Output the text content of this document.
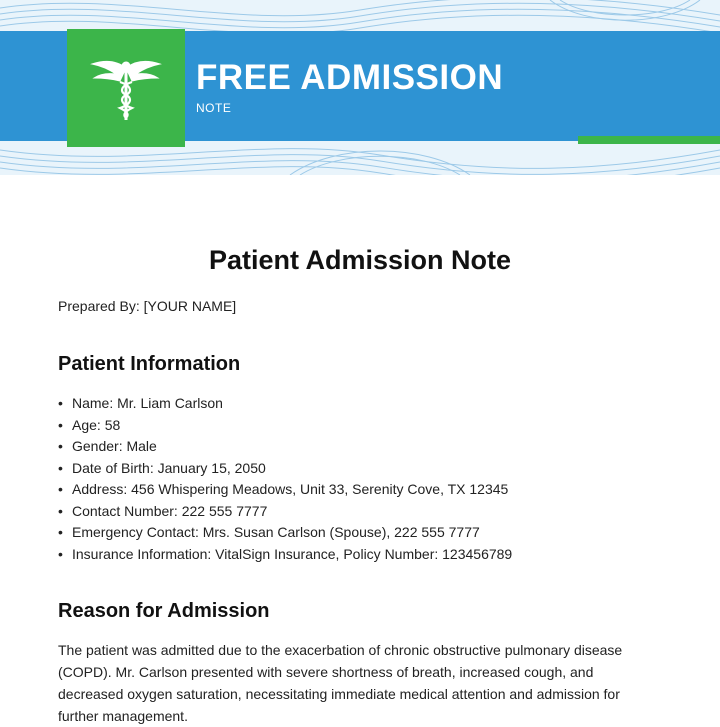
FREE ADMISSION
NOTE
Patient Admission Note
Prepared By: [YOUR NAME]
Patient Information
• Name: Mr. Liam Carlson
• Age: 58
• Gender: Male
• Date of Birth: January 15, 2050
• Address: 456 Whispering Meadows, Unit 33, Serenity Cove, TX 12345
• Contact Number: 222 555 7777
• Emergency Contact: Mrs. Susan Carlson (Spouse), 222 555 7777
• Insurance Information: VitalSign Insurance, Policy Number: 123456789
Reason for Admission

The patient was admitted due to the exacerbation of chronic obstructive pulmonary disease (COPD). Mr. Carlson presented with severe shortness of breath, increased cough, and decreased oxygen saturation, necessitating immediate medical attention and admission for further management.
